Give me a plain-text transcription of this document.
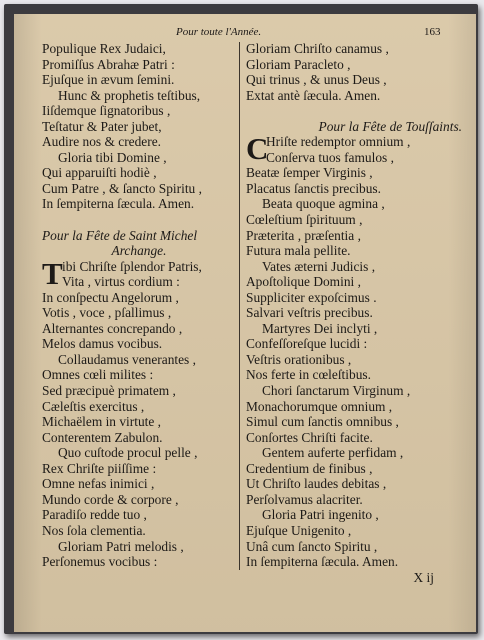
Pour toute l'Année.	163
Populique Rex Judaici,
Promiſſus Abrahæ Patri :
Ejuſque in ævum ſemini.
Hunc & prophetis teſtibus,
Iiſdemque ſignatoribus ,
Teſtatur & Pater jubet,
Audire nos & credere.
Gloria tibi Domine ,
Qui apparuiſti hodiè ,
Cum Patre , & ſancto Spiritu ,
In ſempiterna ſæcula. Amen.
Pour la Fête de Saint Michel
Archange.
T ibi Chriſte ſplendor Patris,
Vita , virtus cordium :
In conſpectu Angelorum ,
Votis , voce , pſallimus ,
Alternantes concrepando ,
Melos damus vocibus.
Collaudamus venerantes ,
Omnes cœli milites :
Sed præcipuè primatem ,
Cæleſtis exercitus ,
Michaëlem in virtute ,
Conterentem Zabulon.
Quo cuſtode procul pelle ,
Rex Chriſte piiſſime :
Omne nefas inimici ,
Mundo corde & corpore ,
Paradiſo redde tuo ,
Nos ſola clementia.
Gloriam Patri melodis ,
Perſonemus vocibus :
Gloriam Chriſto canamus ,
Gloriam Paracleto ,
Qui trinus , & unus Deus ,
Extat antè ſæcula. Amen.
Pour la Fête de Touſſaints.
C
Hriſte redemptor omnium ,
Conſerva tuos famulos ,
Beatæ ſemper Virginis ,
Placatus ſanctis precibus.
Beata quoque agmina ,
Cœleſtium ſpirituum ,
Præterita , præſentia ,
Futura mala pellite.
Vates æterni Judicis ,
Apoſtolique Domini ,
Suppliciter expoſcimus .
Salvari veſtris precibus.
Martyres Dei inclyti ,
Confeſſoreſque lucidi :
Veſtris orationibus ,
Nos ferte in cœleſtibus.
Chori ſanctarum Virginum ,
Monachorumque omnium ,
Simul cum ſanctis omnibus ,
Conſortes Chriſti facite.
Gentem auferte perfidam ,
Credentium de finibus ,
Ut Chriſto laudes debitas ,
Perſolvamus alacriter.
Gloria Patri ingenito ,
Ejuſque Unigenito ,
Unâ cum ſancto Spiritu ,
In ſempiterna ſæcula. Amen.
X ij
